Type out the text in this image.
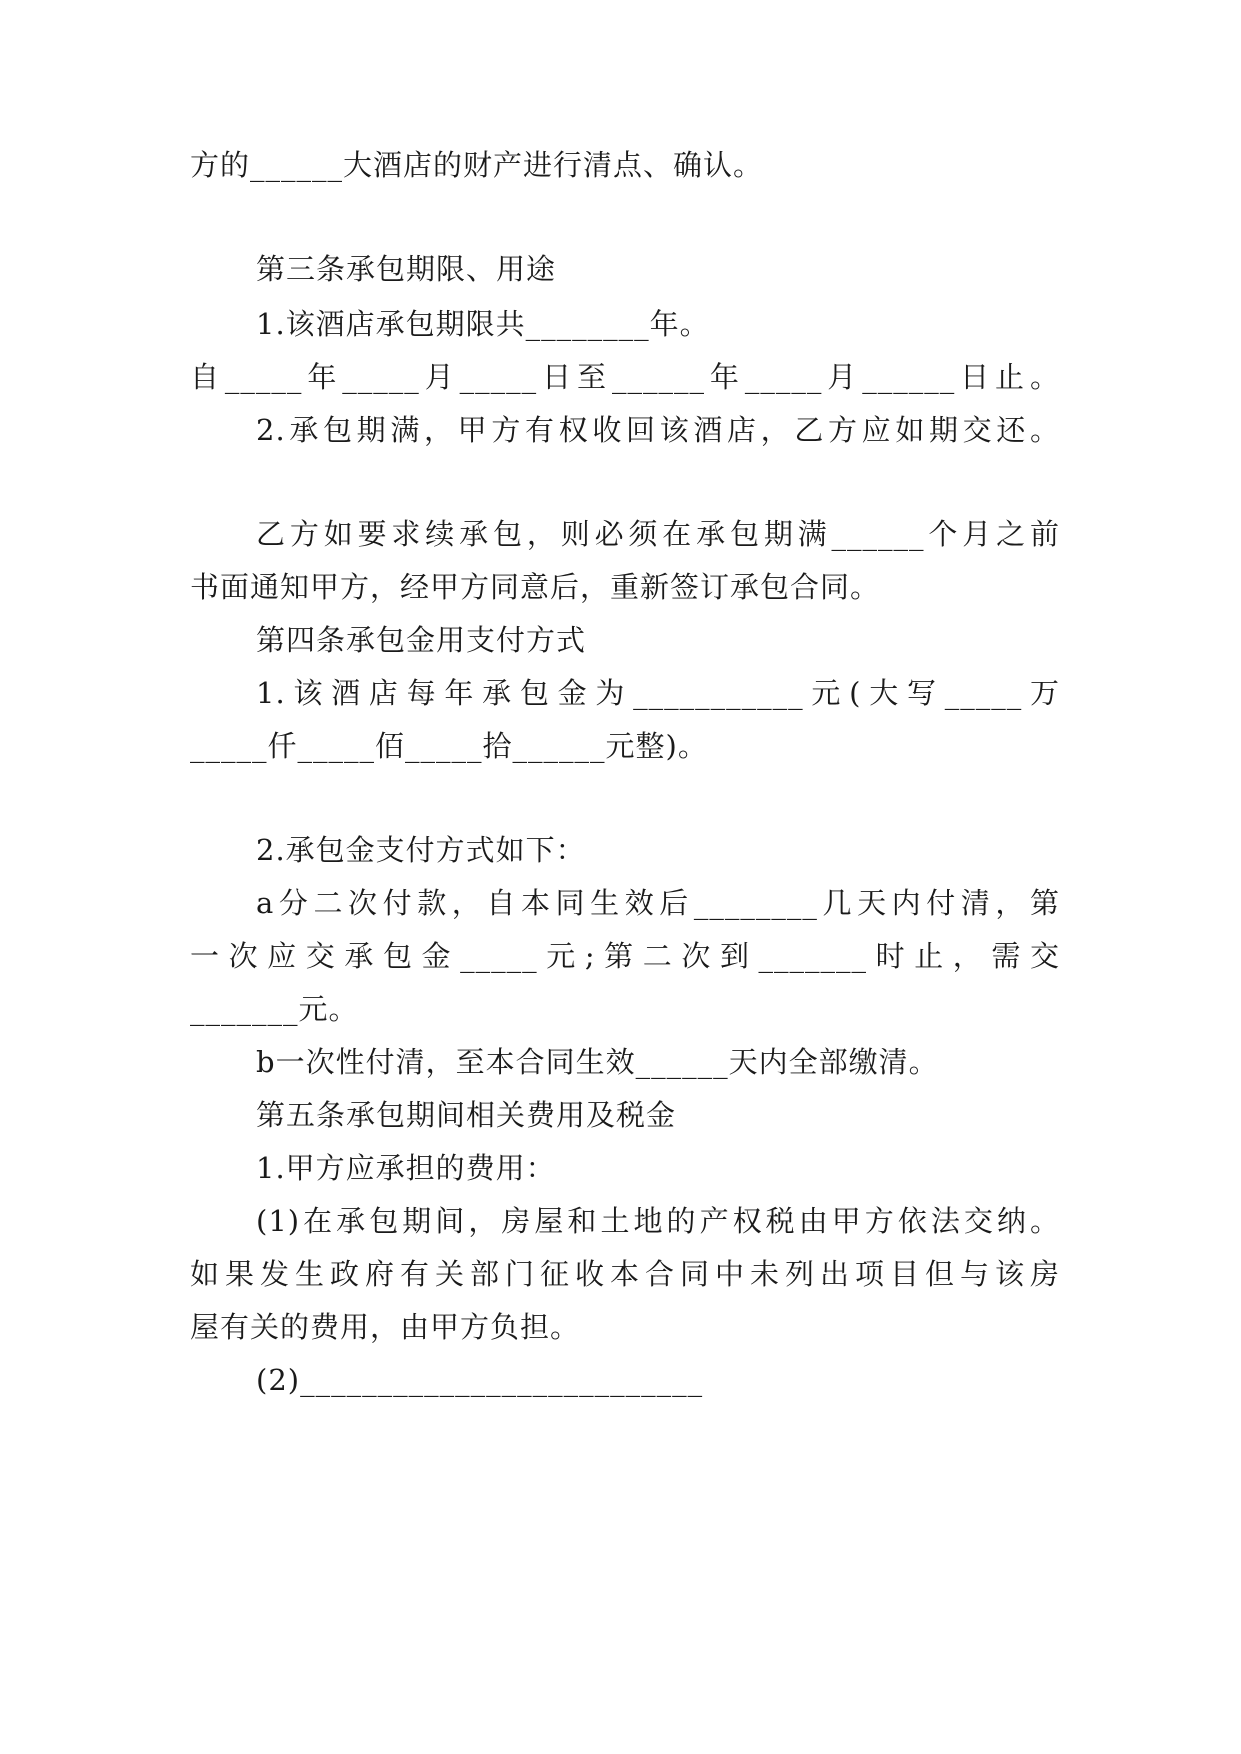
方的______大酒店的财产进行清点、确认。
第三条承包期限、用途
1.该酒店承包期限共________年。
自_____年_____月_____日至______年_____月______日止。
2.承包期满，甲方有权收回该酒店，乙方应如期交还。
乙方如要求续承包，则必须在承包期满______个月之前
书面通知甲方，经甲方同意后，重新签订承包合同。
第四条承包金用支付方式
1.该酒店每年承包金为___________元(大写_____万
_____仟_____佰_____拾______元整)。
2.承包金支付方式如下：
a分二次付款，自本同生效后________几天内付清，第
一次应交承包金_____元;第二次到_______时止，需交
_______元。
b一次性付清，至本合同生效______天内全部缴清。
第五条承包期间相关费用及税金
1.甲方应承担的费用：
(1)在承包期间，房屋和土地的产权税由甲方依法交纳。
如果发生政府有关部门征收本合同中未列出项目但与该房
屋有关的费用，由甲方负担。
(2)__________________________
